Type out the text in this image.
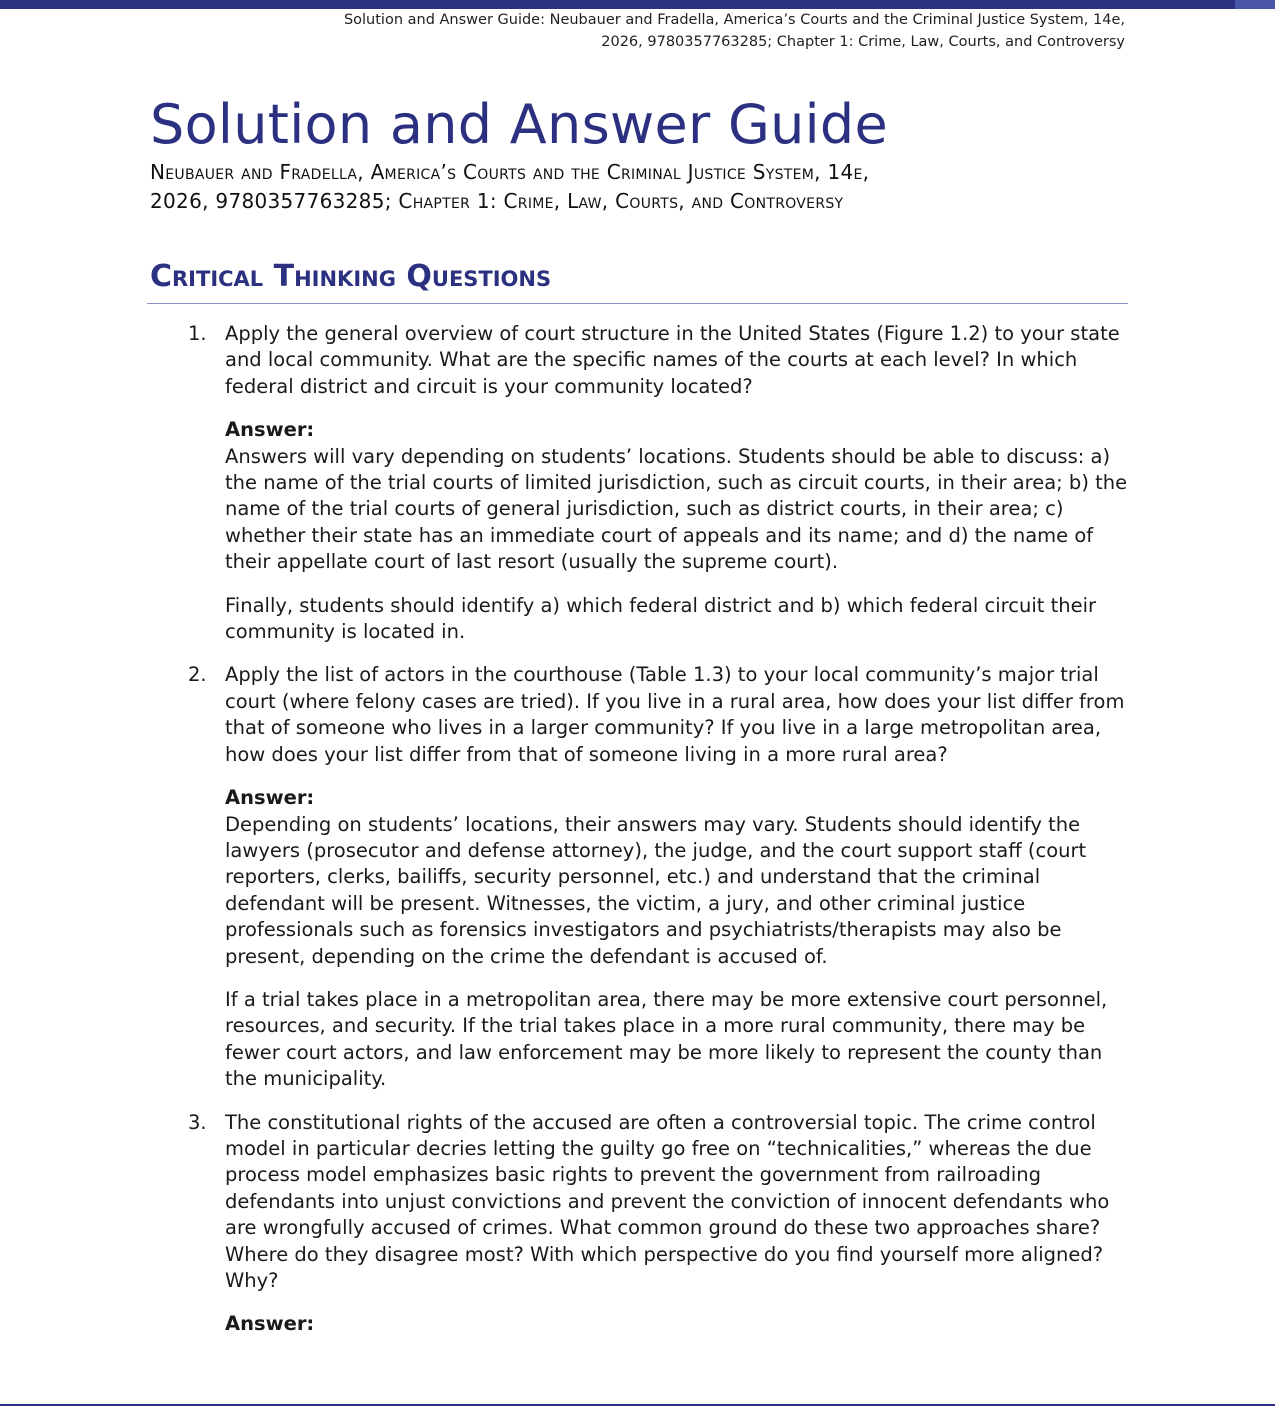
Solution and Answer Guide: Neubauer and Fradella, America’s Courts and the Criminal Justice System, 14e,
2026, 9780357763285; Chapter 1: Crime, Law, Courts, and Controversy
Solution and Answer Guide
Neubauer and Fradella, America’s Courts and the Criminal Justice System, 14e,
2026, 9780357763285; Chapter 1: Crime, Law, Courts, and Controversy
Critical Thinking Questions
1. Apply the general overview of court structure in the United States (Figure 1.2) to your state and local community. What are the specific names of the courts at each level? In which federal district and circuit is your community located?

Answer:

Answers will vary depending on students’ locations. Students should be able to discuss: a) the name of the trial courts of limited jurisdiction, such as circuit courts, in their area; b) the name of the trial courts of general jurisdiction, such as district courts, in their area; c) whether their state has an immediate court of appeals and its name; and d) the name of their appellate court of last resort (usually the supreme court).

Finally, students should identify a) which federal district and b) which federal circuit their community is located in.

2. Apply the list of actors in the courthouse (Table 1.3) to your local community’s major trial court (where felony cases are tried). If you live in a rural area, how does your list differ from that of someone who lives in a larger community? If you live in a large metropolitan area, how does your list differ from that of someone living in a more rural area?

Answer:

Depending on students’ locations, their answers may vary. Students should identify the lawyers (prosecutor and defense attorney), the judge, and the court support staff (court reporters, clerks, bailiffs, security personnel, etc.) and understand that the criminal defendant will be present. Witnesses, the victim, a jury, and other criminal justice professionals such as forensics investigators and psychiatrists/therapists may also be present, depending on the crime the defendant is accused of.

If a trial takes place in a metropolitan area, there may be more extensive court personnel, resources, and security. If the trial takes place in a more rural community, there may be fewer court actors, and law enforcement may be more likely to represent the county than the municipality.

3. The constitutional rights of the accused are often a controversial topic. The crime control model in particular decries letting the guilty go free on “technicalities,” whereas the due process model emphasizes basic rights to prevent the government from railroading defendants into unjust convictions and prevent the conviction of innocent defendants who are wrongfully accused of crimes. What common ground do these two approaches share? Where do they disagree most? With which perspective do you find yourself more aligned? Why?

Answer:
